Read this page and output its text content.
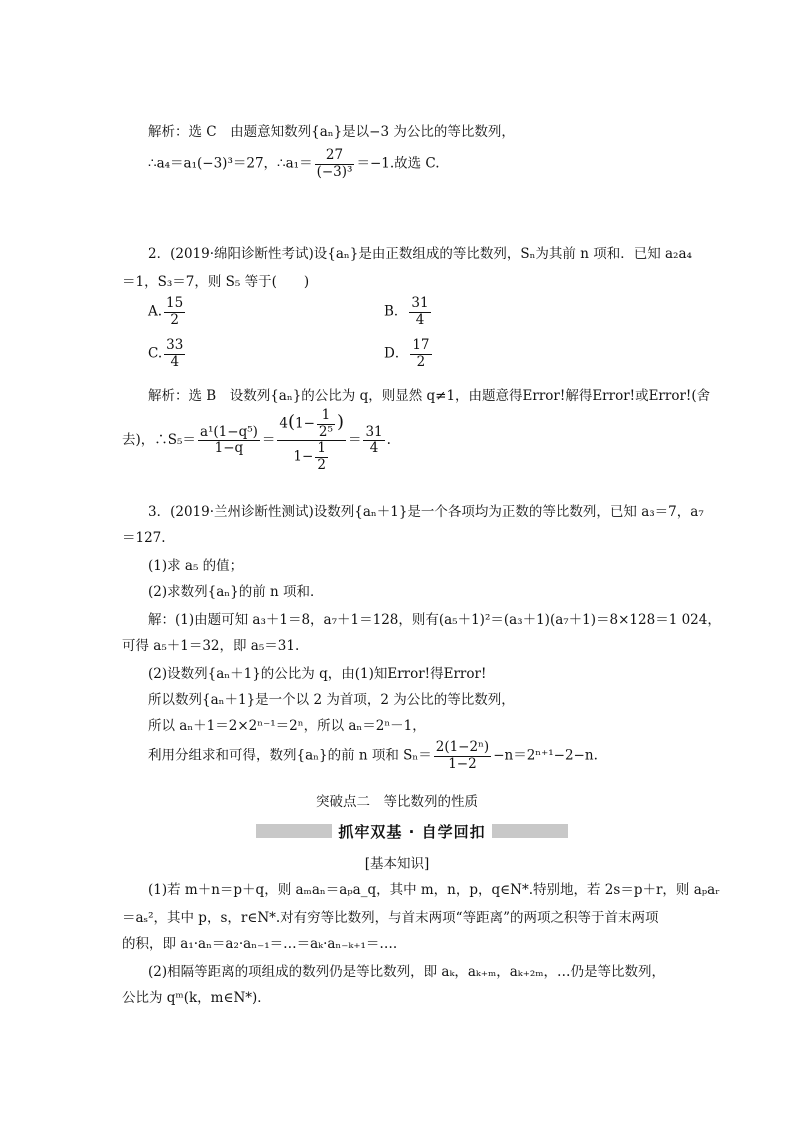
解析：选 C　由题意知数列{aₙ}是以−3 为公比的等比数列，
∴a₄＝a₁(−3)³＝27，∴a₁＝ $\frac{27}{\text{(−3)³}} =-1$.故选 C.
2．(2019·绵阳诊断性考试)设{aₙ}是由正数组成的等比数列，Sₙ为其前 n 项和．已知 a₂a₄
＝1，S₃＝7，则 S₅ 等于(　　)
A. $\frac{15}{2}$	B． $\frac{31}{4}$
C. $\frac{33}{4}$	D． $\frac{17}{2}$
解析：选 B　设数列{aₙ}的公比为 q，则显然 q≠1，由题意得Error!解得Error!或Error!(舍
去)，∴S₅＝ $\frac{\text{a¹(1−q⁵)}}{1-q} = \frac{4(1- \frac{1}{\text{2⁵}} )}{1- \frac{1}{2}} = \frac{31}{4}$ .
3．(2019·兰州诊断性测试)设数列{aₙ＋1}是一个各项均为正数的等比数列，已知 a₃＝7，a₇
＝127.
(1)求 a₅ 的值；
(2)求数列{aₙ}的前 n 项和．
解：(1)由题可知 a₃＋1＝8，a₇＋1＝128，则有(a₅＋1)²＝(a₃＋1)(a₇＋1)＝8×128＝1 024，
可得 a₅＋1＝32，即 a₅＝31.
(2)设数列{aₙ＋1}的公比为 q，由(1)知Error!得Error!
所以数列{aₙ＋1}是一个以 2 为首项，2 为公比的等比数列，
所以 aₙ＋1＝2×2ⁿ⁻¹＝2ⁿ，所以 aₙ＝2ⁿ－1，
利用分组求和可得，数列{aₙ}的前 n 项和 $S_n= \frac{\text{2(1−2ⁿ)}}{1-2} -n=2^{n+1}-2-n$.
突破点二　等比数列的性质
抓牢双基 · 自学回扣
[基本知识]
(1)若 m＋n＝p＋q，则 aₘaₙ＝aₚa_q，其中 m，n，p，q∈N*.特别地，若 2s＝p＋r，则 aₚaᵣ
＝aₛ²，其中 p，s，r∈N*.对有穷等比数列，与首末两项“等距离”的两项之积等于首末两项
的积，即 a₁·aₙ＝a₂·aₙ₋₁＝…＝aₖ·aₙ₋ₖ₊₁＝….
(2)相隔等距离的项组成的数列仍是等比数列，即 aₖ，aₖ₊ₘ，aₖ₊₂ₘ，…仍是等比数列，
公比为 qᵐ(k，m∈N*)．
